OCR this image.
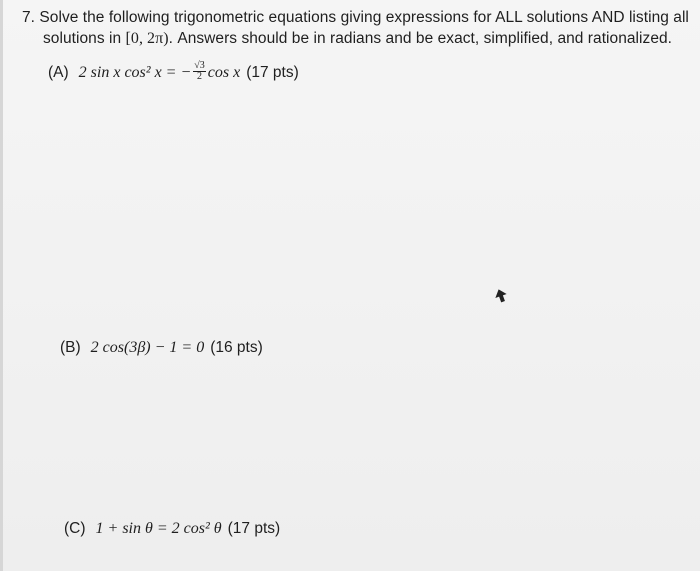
7. Solve the following trigonometric equations giving expressions for ALL solutions AND listing all
solutions in [0, 2π). Answers should be in radians and be exact, simplified, and rationalized.
(A) 2 sin x cos² x = − $\frac{√3}{2}$ cos x (17 pts)
(B) 2 cos(3β) − 1 = 0 (16 pts)
(C) 1 + sin θ = 2 cos² θ (17 pts)
